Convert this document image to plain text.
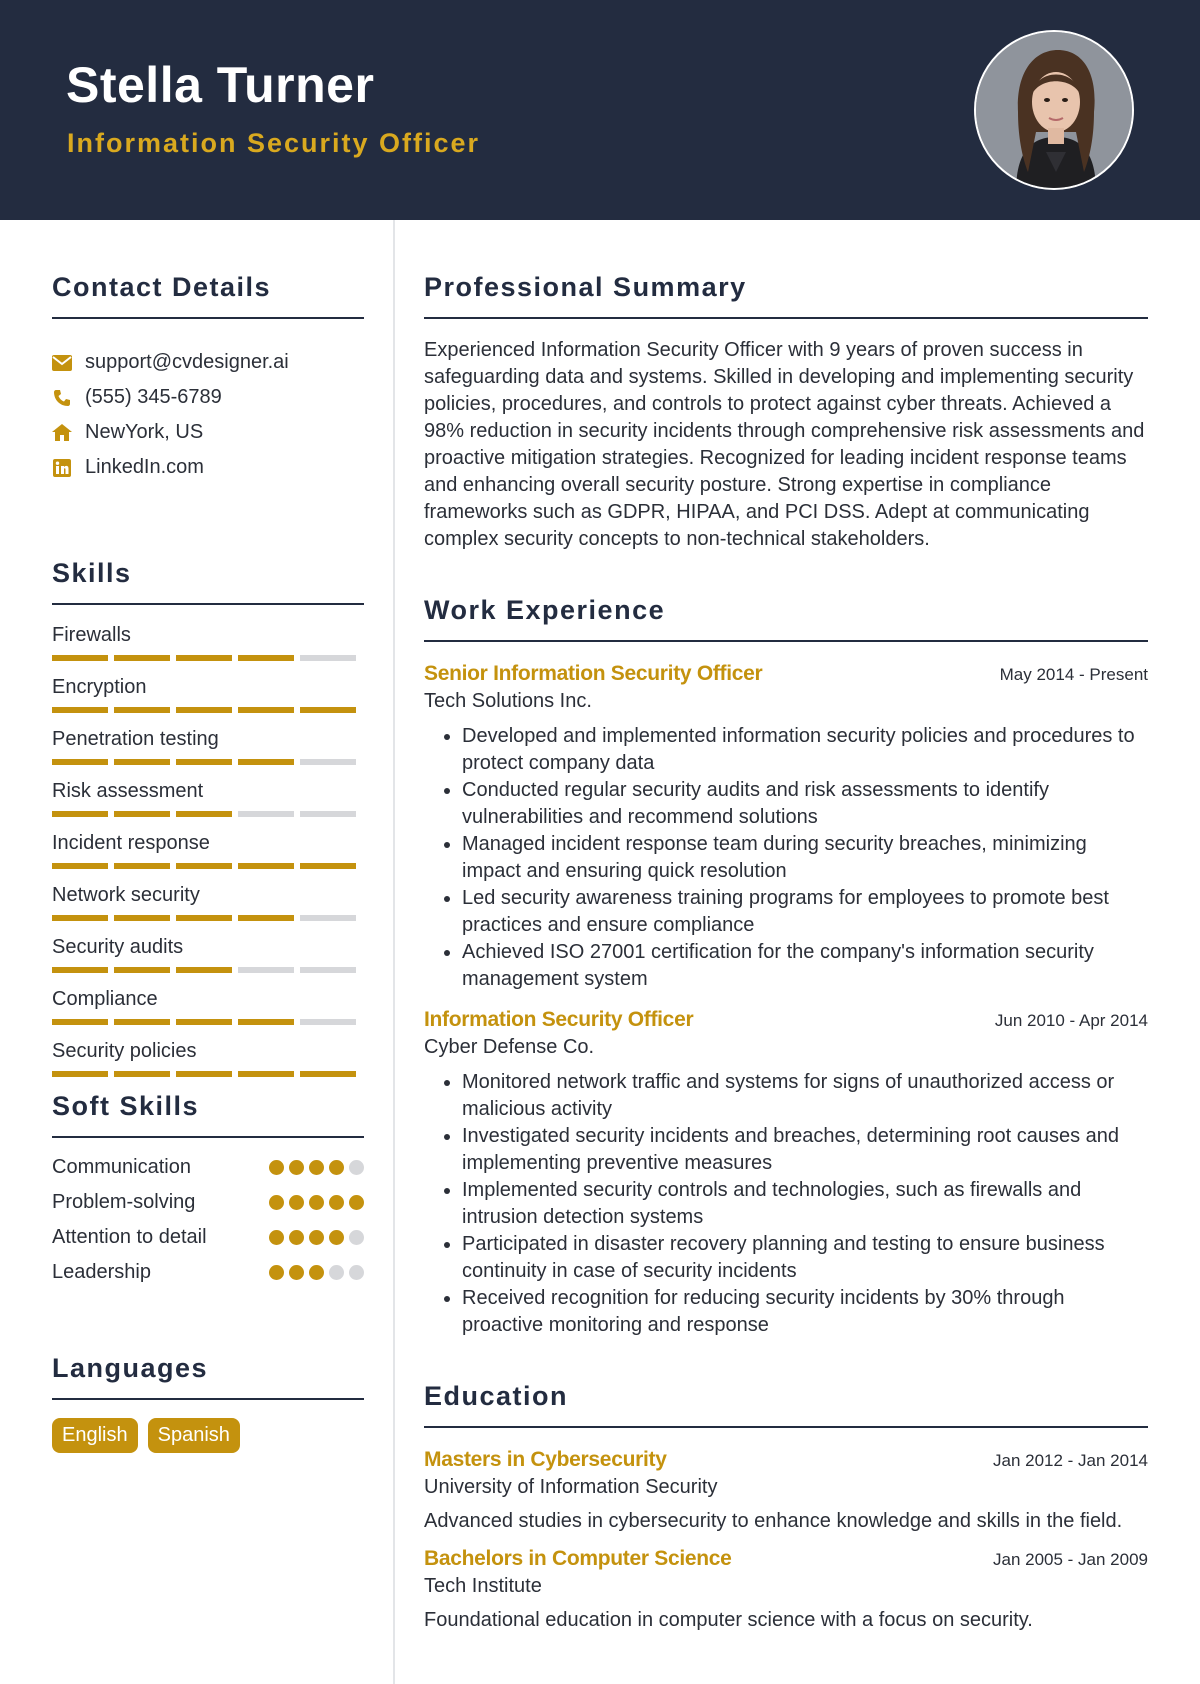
Stella Turner
Information Security Officer
Contact Details
support@cvdesigner.ai
(555) 345-6789
NewYork, US
LinkedIn.com
Skills
Firewalls
Encryption
Penetration testing
Risk assessment
Incident response
Network security
Security audits
Compliance
Security policies
Soft Skills
Communication
Problem-solving
Attention to detail
Leadership
Languages
English	Spanish
Professional Summary

Experienced Information Security Officer with 9 years of proven success in safeguarding data and systems. Skilled in developing and implementing security policies, procedures, and controls to protect against cyber threats. Achieved a 98% reduction in security incidents through comprehensive risk assessments and proactive mitigation strategies. Recognized for leading incident response teams and enhancing overall security posture. Strong expertise in compliance frameworks such as GDPR, HIPAA, and PCI DSS. Adept at communicating complex security concepts to non-technical stakeholders.

Work Experience
Senior Information Security Officer	May 2014 - Present
Tech Solutions Inc.
• Developed and implemented information security policies and procedures to protect company data
• Conducted regular security audits and risk assessments to identify vulnerabilities and recommend solutions
• Managed incident response team during security breaches, minimizing impact and ensuring quick resolution
• Led security awareness training programs for employees to promote best practices and ensure compliance
• Achieved ISO 27001 certification for the company's information security management system
Information Security Officer	Jun 2010 - Apr 2014
Cyber Defense Co.
• Monitored network traffic and systems for signs of unauthorized access or malicious activity
• Investigated security incidents and breaches, determining root causes and implementing preventive measures
• Implemented security controls and technologies, such as firewalls and intrusion detection systems
• Participated in disaster recovery planning and testing to ensure business continuity in case of security incidents
• Received recognition for reducing security incidents by 30% through proactive monitoring and response
Education
Masters in Cybersecurity	Jan 2012 - Jan 2014
University of Information Security

Advanced studies in cybersecurity to enhance knowledge and skills in the field.

Bachelors in Computer Science	Jan 2005 - Jan 2009
Tech Institute

Foundational education in computer science with a focus on security.
